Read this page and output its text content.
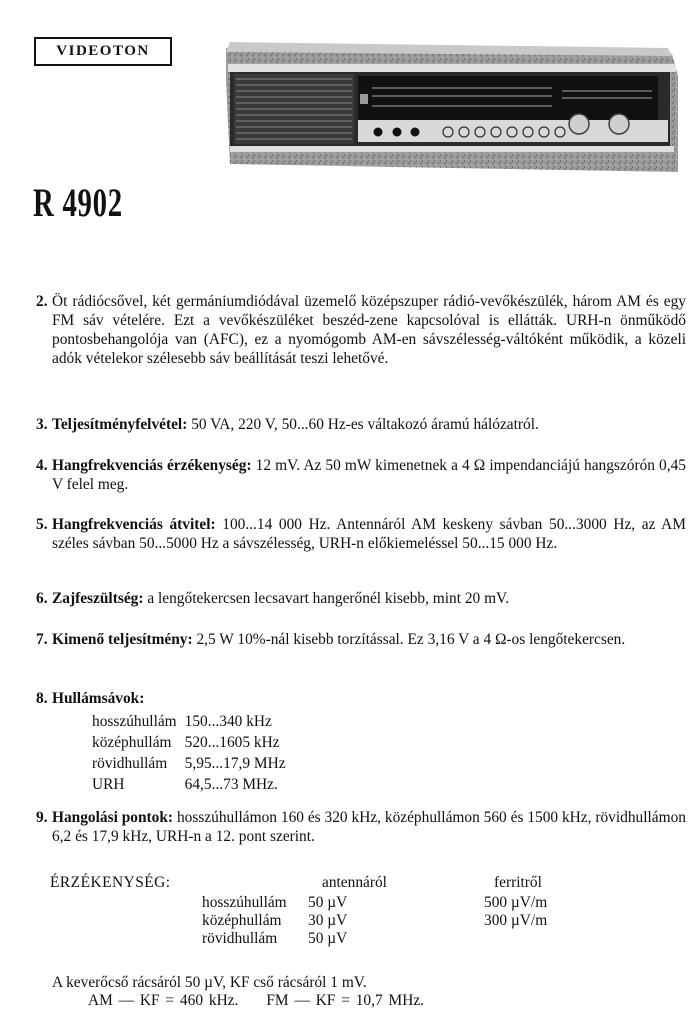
VIDEOTON
R 4902
2. Öt rádiócsővel, két germániumdiódával üzemelő középszuper rádió-vevőkészülék, három AM és egy FM sáv vételére. Ezt a vevőkészüléket beszéd-zene kapcsolóval is ellátták. URH-n önműködő pontosbehangolója van (AFC), ez a nyomógomb AM-en sávszélesség-váltóként működik, a közeli adók vételekor szélesebb sáv beállítását teszi lehetővé.
3. Teljesítményfelvétel: 50 VA, 220 V, 50...60 Hz-es váltakozó áramú hálózatról.
4. Hangfrekvenciás érzékenység: 12 mV. Az 50 mW kimenetnek a 4 Ω impendanciájú hangszórón 0,45 V felel meg.
5. Hangfrekvenciás átvitel: 100...14 000 Hz. Antennáról AM keskeny sávban 50...3000 Hz, az AM széles sávban 50...5000 Hz a sávszélesség, URH-n előkiemeléssel 50...15 000 Hz.
6. Zajfeszültség: a lengőtekercsen lecsavart hangerőnél kisebb, mint 20 mV.
7. Kimenő teljesítmény: 2,5 W 10%-nál kisebb torzítással. Ez 3,16 V a 4 Ω-os lengőtekercsen.
8. Hullámsávok:
hosszúhullám	150...340 kHz
középhullám	520...1605 kHz
rövidhullám	5,95...17,9 MHz
URH	64,5...73 MHz.
9. Hangolási pontok: hosszúhullámon 160 és 320 kHz, középhullámon 560 és 1500 kHz, rövidhullámon 6,2 és 17,9 kHz, URH-n a 12. pont szerint.
ÉRZÉKENYSÉG:	antennáról	ferritről
hosszúhullám	50 µV	500 µV/m
középhullám	30 µV	300 µV/m
rövidhullám	50 µV	
A keverőcső rácsáról 50 µV, KF cső rácsáról 1 mV.
AM — KF = 460 kHz. FM — KF = 10,7 MHz.
